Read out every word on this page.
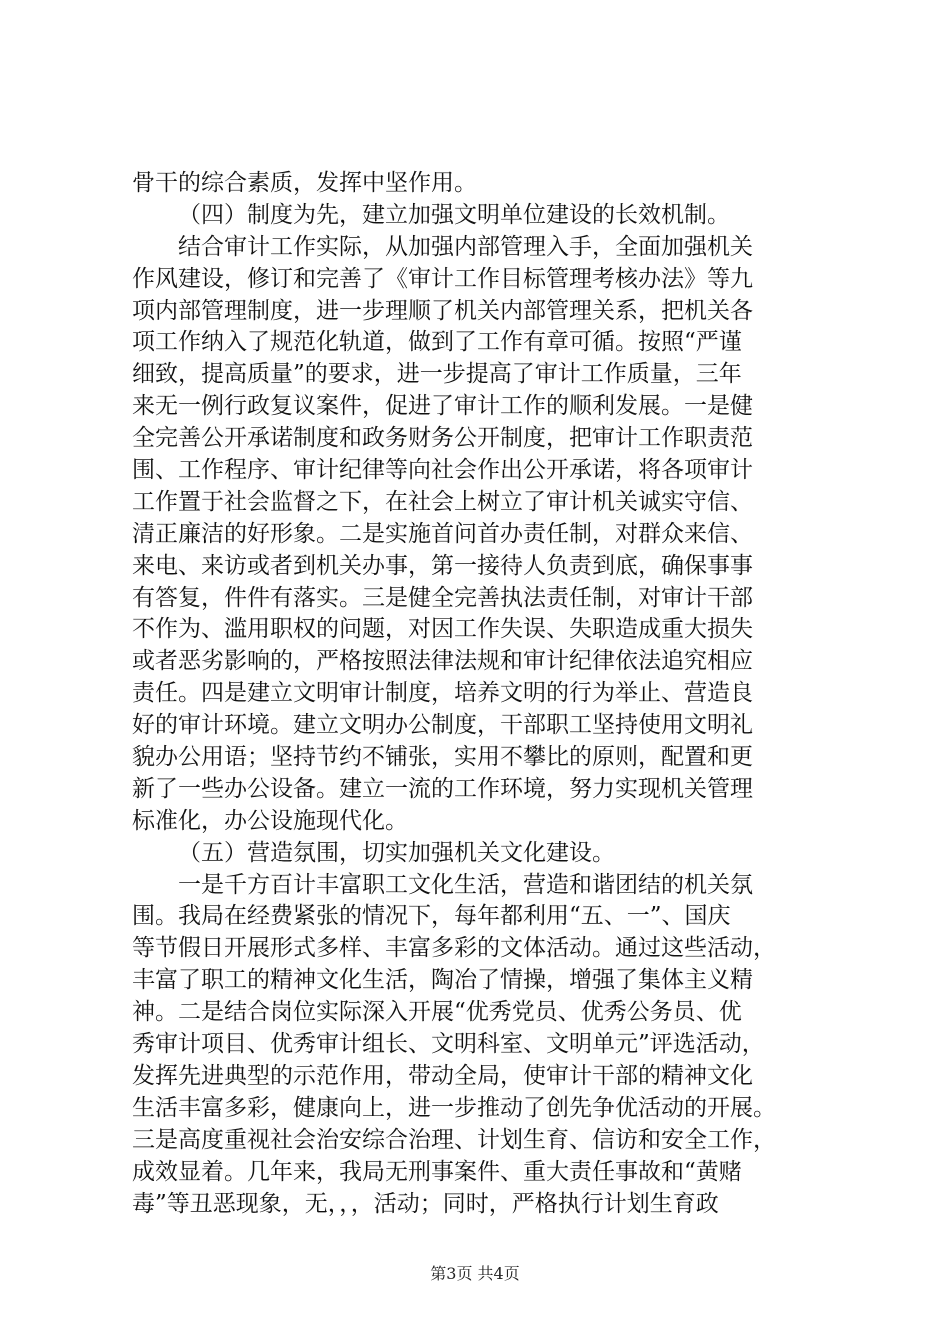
骨干的综合素质，发挥中坚作用。
（四）制度为先，建立加强文明单位建设的长效机制。
结合审计工作实际，从加强内部管理入手，全面加强机关
作风建设，修订和完善了《审计工作目标管理考核办法》等九
项内部管理制度，进一步理顺了机关内部管理关系，把机关各
项工作纳入了规范化轨道，做到了工作有章可循。按照“严谨
细致，提高质量”的要求，进一步提高了审计工作质量，三年
来无一例行政复议案件，促进了审计工作的顺利发展。一是健
全完善公开承诺制度和政务财务公开制度，把审计工作职责范
围、工作程序、审计纪律等向社会作出公开承诺，将各项审计
工作置于社会监督之下，在社会上树立了审计机关诚实守信、
清正廉洁的好形象。二是实施首问首办责任制，对群众来信、
来电、来访或者到机关办事，第一接待人负责到底，确保事事
有答复，件件有落实。三是健全完善执法责任制，对审计干部
不作为、滥用职权的问题，对因工作失误、失职造成重大损失
或者恶劣影响的，严格按照法律法规和审计纪律依法追究相应
责任。四是建立文明审计制度，培养文明的行为举止、营造良
好的审计环境。建立文明办公制度，干部职工坚持使用文明礼
貌办公用语；坚持节约不铺张，实用不攀比的原则，配置和更
新了一些办公设备。建立一流的工作环境，努力实现机关管理
标准化，办公设施现代化。
（五）营造氛围，切实加强机关文化建设。
一是千方百计丰富职工文化生活，营造和谐团结的机关氛
围。我局在经费紧张的情况下，每年都利用“五、一”、国庆
等节假日开展形式多样、丰富多彩的文体活动。通过这些活动，
丰富了职工的精神文化生活，陶冶了情操，增强了集体主义精
神。二是结合岗位实际深入开展“优秀党员、优秀公务员、优
秀审计项目、优秀审计组长、文明科室、文明单元”评选活动，
发挥先进典型的示范作用，带动全局，使审计干部的精神文化
生活丰富多彩，健康向上，进一步推动了创先争优活动的开展。
三是高度重视社会治安综合治理、计划生育、信访和安全工作，
成效显着。几年来，我局无刑事案件、重大责任事故和“黄赌
毒”等丑恶现象，无，，，活动；同时，严格执行计划生育政
第3页 共4页
